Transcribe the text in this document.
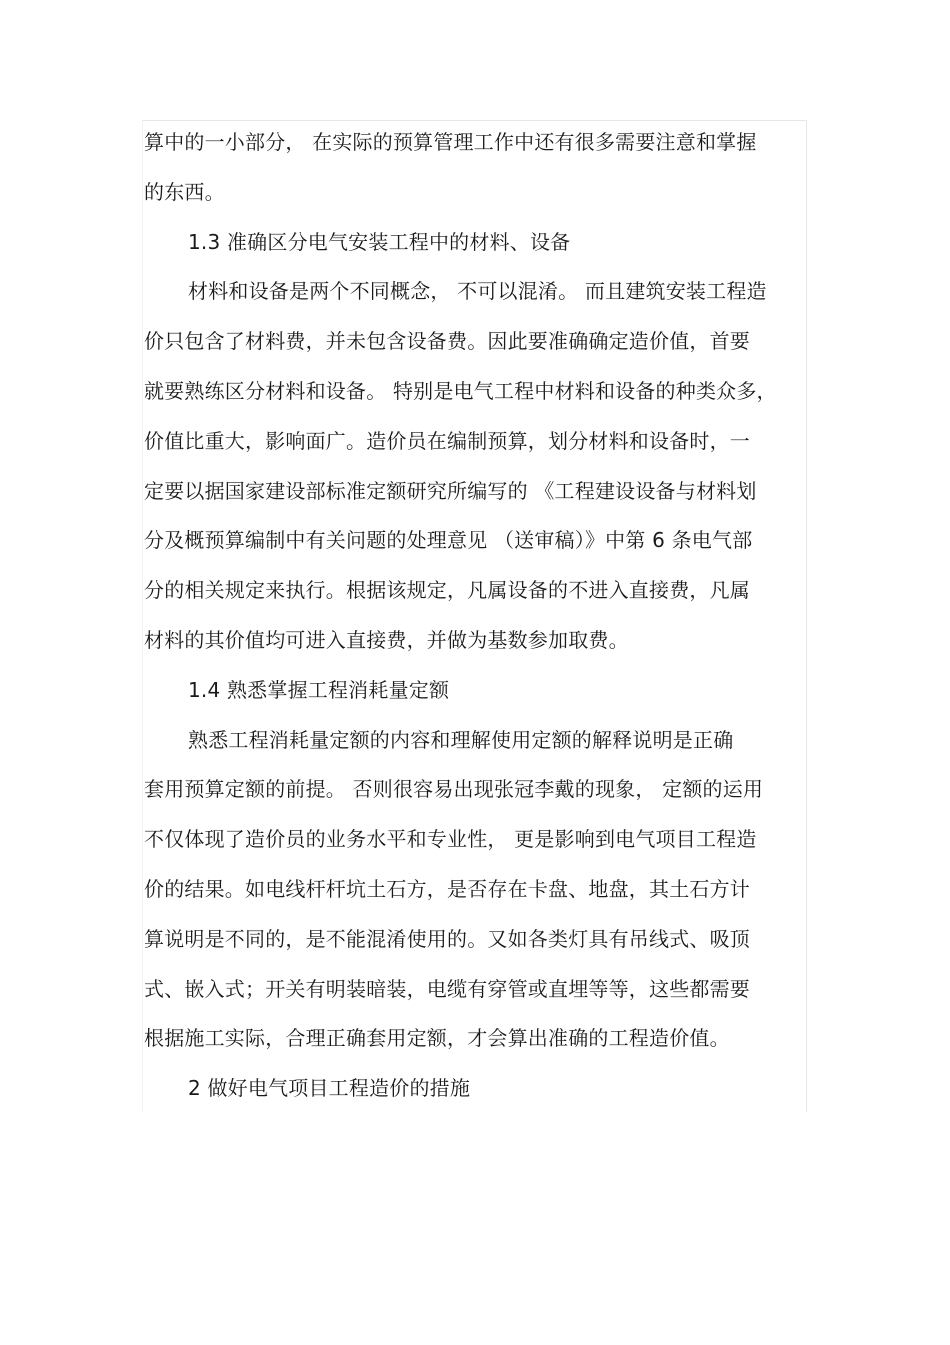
算中的一小部分， 在实际的预算管理工作中还有很多需要注意和掌握
的东西。
1.3 准确区分电气安装工程中的材料、设备
材料和设备是两个不同概念， 不可以混淆。 而且建筑安装工程造
价只包含了材料费，并未包含设备费。因此要准确确定造价值，首要
就要熟练区分材料和设备。 特别是电气工程中材料和设备的种类众多，
价值比重大，影响面广。造价员在编制预算，划分材料和设备时，一
定要以据国家建设部标准定额研究所编写的 《工程建设设备与材料划
分及概预算编制中有关问题的处理意见 （送审稿）》中第 6 条电气部
分的相关规定来执行。根据该规定，凡属设备的不进入直接费，凡属
材料的其价值均可进入直接费，并做为基数参加取费。
1.4 熟悉掌握工程消耗量定额
熟悉工程消耗量定额的内容和理解使用定额的解释说明是正确
套用预算定额的前提。 否则很容易出现张冠李戴的现象， 定额的运用
不仅体现了造价员的业务水平和专业性， 更是影响到电气项目工程造
价的结果。如电线杆杆坑土石方，是否存在卡盘、地盘，其土石方计
算说明是不同的，是不能混淆使用的。又如各类灯具有吊线式、吸顶
式、嵌入式；开关有明装暗装，电缆有穿管或直埋等等，这些都需要
根据施工实际，合理正确套用定额，才会算出准确的工程造价值。
2 做好电气项目工程造价的措施
